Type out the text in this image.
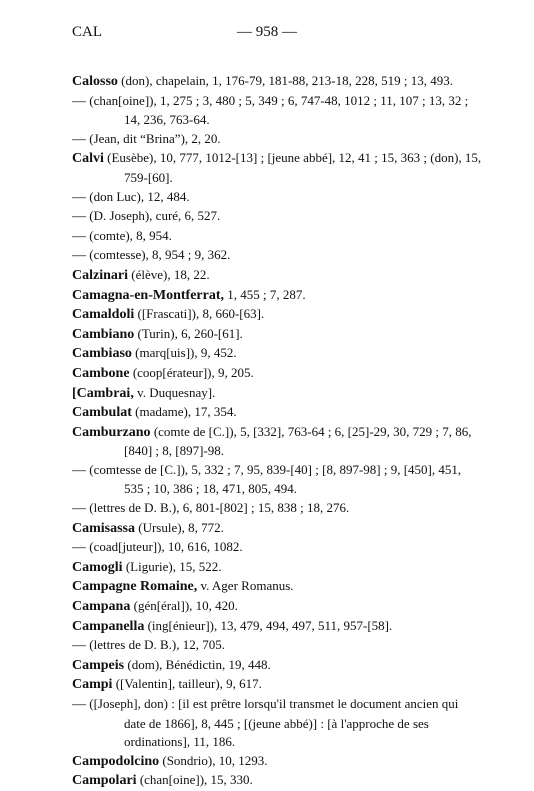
CAL	— 958 —

Calosso (don), chapelain, 1, 176-79, 181-88, 213-18, 228, 519 ; 13, 493.

— (chan[oine]), 1, 275 ; 3, 480 ; 5, 349 ; 6, 747-48, 1012 ; 11, 107 ; 13, 32 ; 14, 236, 763-64.

— (Jean, dit “Brina”), 2, 20.

Calvi (Eusèbe), 10, 777, 1012-[13] ; [jeune abbé], 12, 41 ; 15, 363 ; (don), 15, 759-[60].

— (don Luc), 12, 484.

— (D. Joseph), curé, 6, 527.

— (comte), 8, 954.

— (comtesse), 8, 954 ; 9, 362.

Calzinari (élève), 18, 22.

Camagna-en-Montferrat, 1, 455 ; 7, 287.

Camaldoli ([Frascati]), 8, 660-[63].

Cambiano (Turin), 6, 260-[61].

Cambiaso (marq[uis]), 9, 452.

Cambone (coop[érateur]), 9, 205.

[Cambrai, v. Duquesnay].

Cambulat (madame), 17, 354.

Camburzano (comte de [C.]), 5, [332], 763-64 ; 6, [25]-29, 30, 729 ; 7, 86, [840] ; 8, [897]-98.

— (comtesse de [C.]), 5, 332 ; 7, 95, 839-[40] ; [8, 897-98] ; 9, [450], 451, 535 ; 10, 386 ; 18, 471, 805, 494.

— (lettres de D. B.), 6, 801-[802] ; 15, 838 ; 18, 276.

Camisassa (Ursule), 8, 772.

— (coad[juteur]), 10, 616, 1082.

Camogli (Ligurie), 15, 522.

Campagne Romaine, v. Ager Romanus.

Campana (gén[éral]), 10, 420.

Campanella (ing[énieur]), 13, 479, 494, 497, 511, 957-[58].

— (lettres de D. B.), 12, 705.

Campeis (dom), Bénédictin, 19, 448.

Campi ([Valentin], tailleur), 9, 617.

— ([Joseph], don) : [il est prêtre lorsqu'il transmet le document ancien qui date de 1866], 8, 445 ; [(jeune abbé)] : [à l'approche de ses ordinations], 11, 186.

Campodolcino (Sondrio), 10, 1293.

Campolari (chan[oine]), 15, 330.
